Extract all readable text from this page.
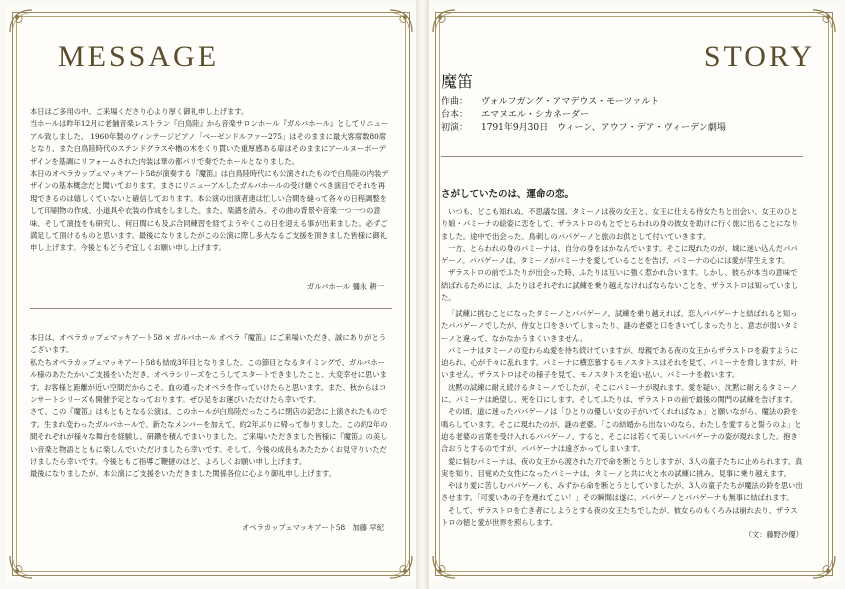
MESSAGE

本日はご多用の中、ご来場くださり心より厚く御礼申し上げます。

当ホールは昨年12月に老舗音楽レストラン『白鳥陸』から音楽サロンホール『ガルバホール』としてリニューアル致しました。 1960年製のヴィンテージピアノ「ベーゼンドルファー275」はそのままに最大客席数80席となり、また白鳥陸時代のステンドグラスや櫓の木をくり貫いた重厚感ある扉はそのままにアールヌーボーデザインを基調にリフォームされた内装は華の都パリで奏でたホールとなりました。

本日のオペラカップェマッキアート58が演奏する『魔笛』は白鳥陸時代にも公演されたもので白鳥陸の内装デザインの基本概念だと聞いております。まさにリニューアルしたガルバホールの受け継ぐべき演目でそれを再現できるのは嬉しくていないと確信しております。本公演の出演者達は忙しい合間を縫って各々の日程調整をして印刷物の作成、小道具や衣装の作成をしました。また、楽譜を読み、その曲の背景や音楽一つ一つの意味、そして演技をも研究し、何日間にも及ぶ合同練習を経てようやくこの日を迎える事が出来ました。必ずご満足して頂けるものと思います。最後になりましたがこの公演に際し多大なるご支援を頂きました皆様に御礼申し上げます。今後ともどうぞ宜しくお願い申し上げます。

ガルバホール 彌永 耕一

本日は、オペラカップェマッキアート58 × ガルバホール オペラ『魔笛』にご来場いただき、誠にありがとうございます。

私たちオペラカップェマッキアート58も結成3年目となりました。この節目となるタイミングで、ガルバホール様のあたたかいご支援をいただき、オペラシリーズをこうしてスタートできましたこと、大変幸せに思います。お客様と距離が近い空間だからこそ、血の通ったオペラを作っていけたらと思います。また、秋からはコンサートシリーズも開催予定となっております。ぜひ足をお運びいただけたら幸いです。

さて、この『魔笛』はもともとなる公演は、このホールが白鳥陸だったころに閉店の記念に上演されたものです。生まれ変わったガルバホールで、新たなメンバーを加えて、約2年ぶりに帰って参りました。この約2年の間それぞれが様々な舞台を経験し、研鑽を積んでまいりました。ご来場いただきました皆様に『魔笛』の美しい音楽と物語とともに楽しんでいただけましたら幸いです。そして、今後の成長もあたたかくお見守りいただけましたら幸いです。今後ともご指導ご鞭撻のほど、よろしくお願い申し上げます。

最後になりましたが、本公演にご支援をいただきました関係各位に心より御礼申し上げます。

オペラカップェマッキアート58　加藤 早紀
STORY
魔笛
作曲：	ヴォルフガング・アマデウス・モーツァルト
台本：	エマヌエル・シカネーダー
初演：	1791年9月30日　ウィーン、アウフ・デア・ヴィーデン劇場
さがしていたのは、運命の恋。

いつも、どこも知れぬ、不思議な国。タミーノは夜の女王と、女王に仕える侍女たちと出会い、女王のひとり娘・パミーナの絵姿に恋をして、ザラストロのもとでとらわれの身の彼女を助けに行く旅に出ることになりました。途中で出会った、鳥刺しのパパゲーノと旅のお供として付いていきます。

一方、とらわれの身のパミーナは、自分の身をはかなんでいます。そこに現れたのが、城に迷い込んだパパゲーノ。パパゲーノは、タミーノがパミーナを愛していることを告げ、パミーナの心には愛が芽生えます。

ザラストロの前でふたりが出会った時、ふたりは互いに強く惹かれ合います。しかし、彼らが本当の意味で結ばれるためには、ふたりはそれぞれに試練を乗り越えなければならないことを、ザラストロは知っていました。

「試練に挑むことになったタミーノとパパゲーノ。試練を乗り越えれば、恋人パパゲーナと結ばれると知ったパパゲーノでしたが、侍女と口をきいてしまったり、謎の老婆と口をきいてしまったりと、意志が弱いタミーノと違って、なかなかうまくいきません。

パミーナはタミーノの変わらぬ愛を待ち続けていますが、母親である夜の女王からザラストロを殺すように迫られ、心が千々に乱れます。パミーナに横恋慕するモノスタトスはそれを見て、パミーナを脅しますが、叶いません。ザラストロはその様子を見て、モノスタトスを追い払い、パミーナを救います。

沈黙の試練に耐え続けるタミーノでしたが、そこにパミーナが現れます。愛を疑い、沈黙に耐えるタミーノに、パミーナは絶望し、死を口にします。そしてふたりは、ザラストロの前で最後の関門の試練を告げます。

その頃、道に迷ったパパゲーノは「ひとりの優しい女の子がいてくれればなぁ」と願いながら、魔法の鈴を鳴らしています。そこに現れたのが、謎の老婆。「この結婚から出ないのなら、わたしを愛すると誓うのよ」と迫る老婆の言葉を受け入れるパパゲーノ。すると、そこには若くて美しいパパゲーナの姿が現れました。抱き合おうとするのですが、パパゲーナは遠ざかってしまいます。

愛に悩むパミーナは、夜の女王から渡された刀で命を断とうとしますが、3人の童子たちに止められます。真実を知り、目覚めた女性になったパミーナは、タミーノと共に火と水の試練に挑み、見事に乗り越えます。

やはり愛に苦しむパパゲーノも、みずから命を断とうとしていましたが、3人の童子たちが魔法の鈴を思い出させます。「可愛いあの子を連れてこい！」その瞬間は遂に、パパゲーノとパパゲーナも無事に結ばれます。

そして、ザラストロを亡き者にしようとする夜の女王たちでしたが、彼女らのもくろみは崩れ去り、ザラストロの徳と愛が世界を照らします。

（文：藤野沙優）
